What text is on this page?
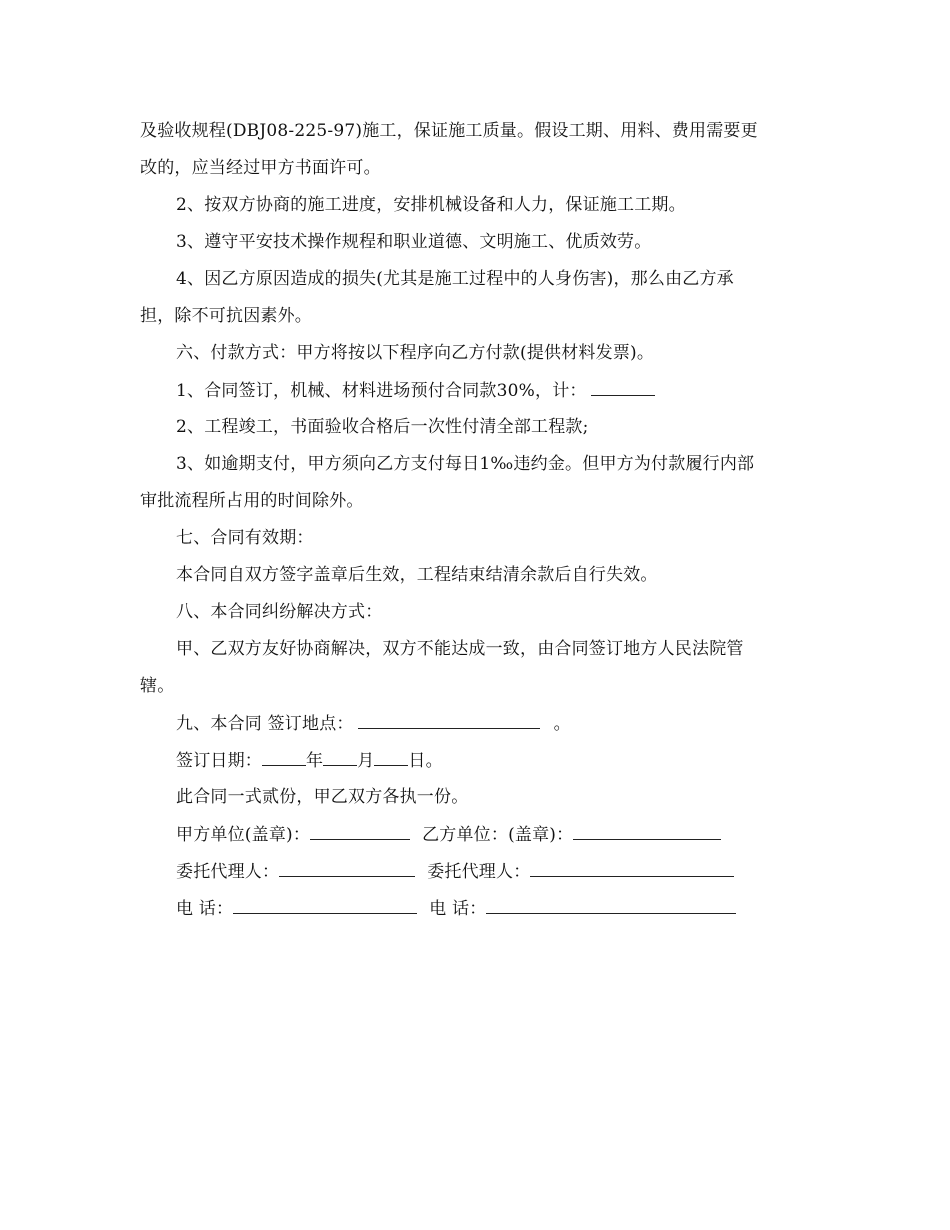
及验收规程(DBJ08-225-97)施工，保证施工质量。假设工期、用料、费用需要更
改的，应当经过甲方书面许可。
2、按双方协商的施工进度，安排机械设备和人力，保证施工工期。
3、遵守平安技术操作规程和职业道德、文明施工、优质效劳。
4、因乙方原因造成的损失(尤其是施工过程中的人身伤害)，那么由乙方承
担，除不可抗因素外。
六、付款方式：甲方将按以下程序向乙方付款(提供材料发票)。
1、合同签订，机械、材料进场预付合同款30%，计：
2、工程竣工，书面验收合格后一次性付清全部工程款;
3、如逾期支付，甲方须向乙方支付每日1‰违约金。但甲方为付款履行内部
审批流程所占用的时间除外。
七、合同有效期：
本合同自双方签字盖章后生效，工程结束结清余款后自行失效。
八、本合同纠纷解决方式：
甲、乙双方友好协商解决，双方不能达成一致，由合同签订地方人民法院管
辖。
九、本合同 签订地点：	。
签订日期：	年 月 日。
此合同一式贰份，甲乙双方各执一份。
甲方单位(盖章)：	乙方单位：(盖章)：
委托代理人：	委托代理人：
电 话：	电 话：
